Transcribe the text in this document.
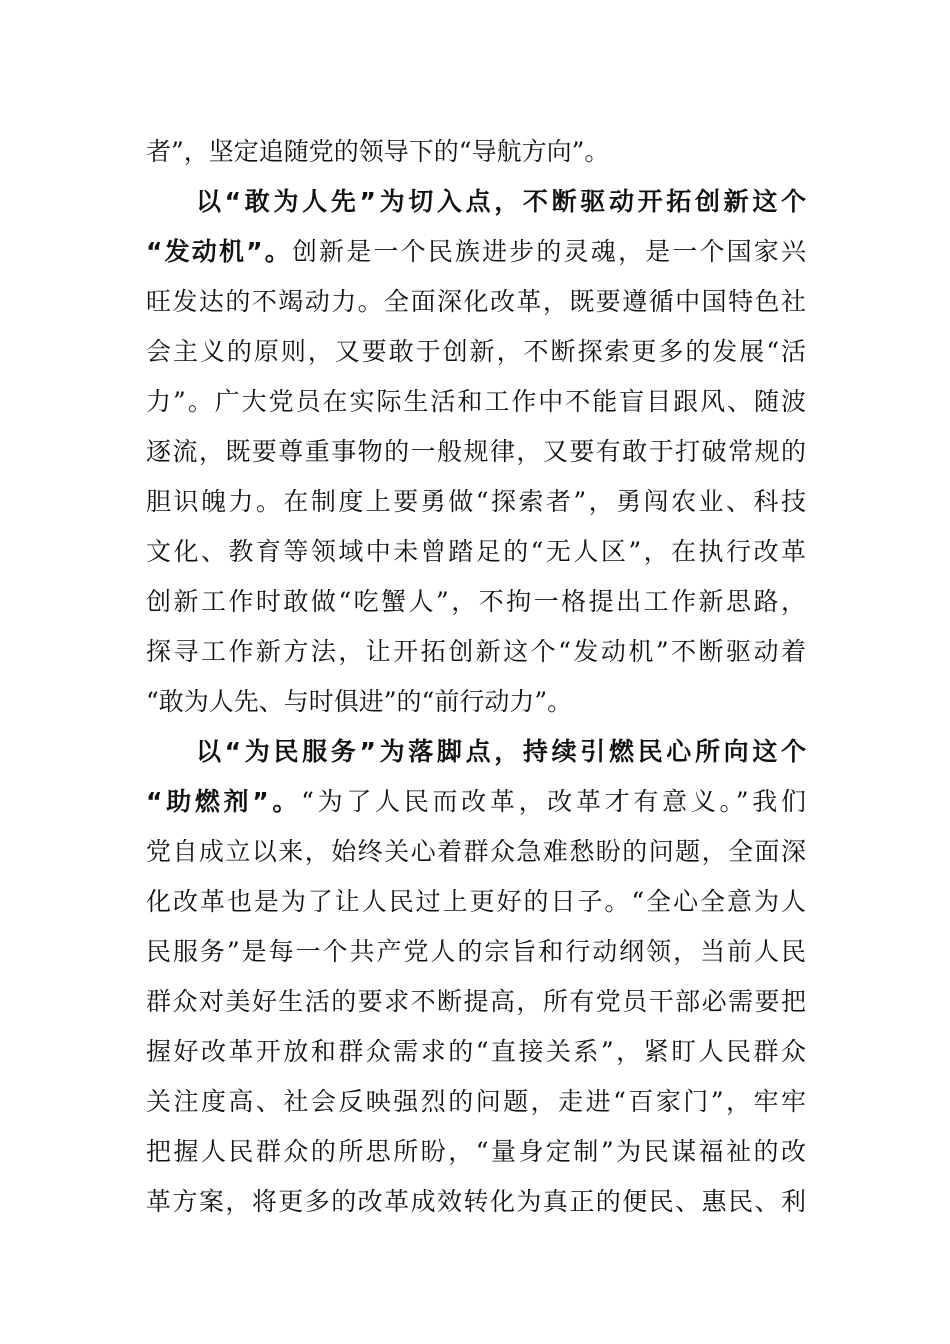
者”，坚定追随党的领导下的“导航方向”。

以“敢为人先”为切入点，不断驱动开拓创新这个

“发动机”。创新是一个民族进步的灵魂，是一个国家兴

旺发达的不竭动力。全面深化改革，既要遵循中国特色社

会主义的原则，又要敢于创新，不断探索更多的发展“活

力”。广大党员在实际生活和工作中不能盲目跟风、随波

逐流，既要尊重事物的一般规律，又要有敢于打破常规的

胆识魄力。在制度上要勇做“探索者”，勇闯农业、科技

文化、教育等领域中未曾踏足的“无人区”，在执行改革

创新工作时敢做“吃蟹人”，不拘一格提出工作新思路，

探寻工作新方法，让开拓创新这个“发动机”不断驱动着

“敢为人先、与时俱进”的“前行动力”。

以“为民服务”为落脚点，持续引燃民心所向这个

“助燃剂”。“为了人民而改革，改革才有意义。”我们

党自成立以来，始终关心着群众急难愁盼的问题，全面深

化改革也是为了让人民过上更好的日子。“全心全意为人

民服务”是每一个共产党人的宗旨和行动纲领，当前人民

群众对美好生活的要求不断提高，所有党员干部必需要把

握好改革开放和群众需求的“直接关系”，紧盯人民群众

关注度高、社会反映强烈的问题，走进“百家门”，牢牢

把握人民群众的所思所盼，“量身定制”为民谋福祉的改

革方案，将更多的改革成效转化为真正的便民、惠民、利
